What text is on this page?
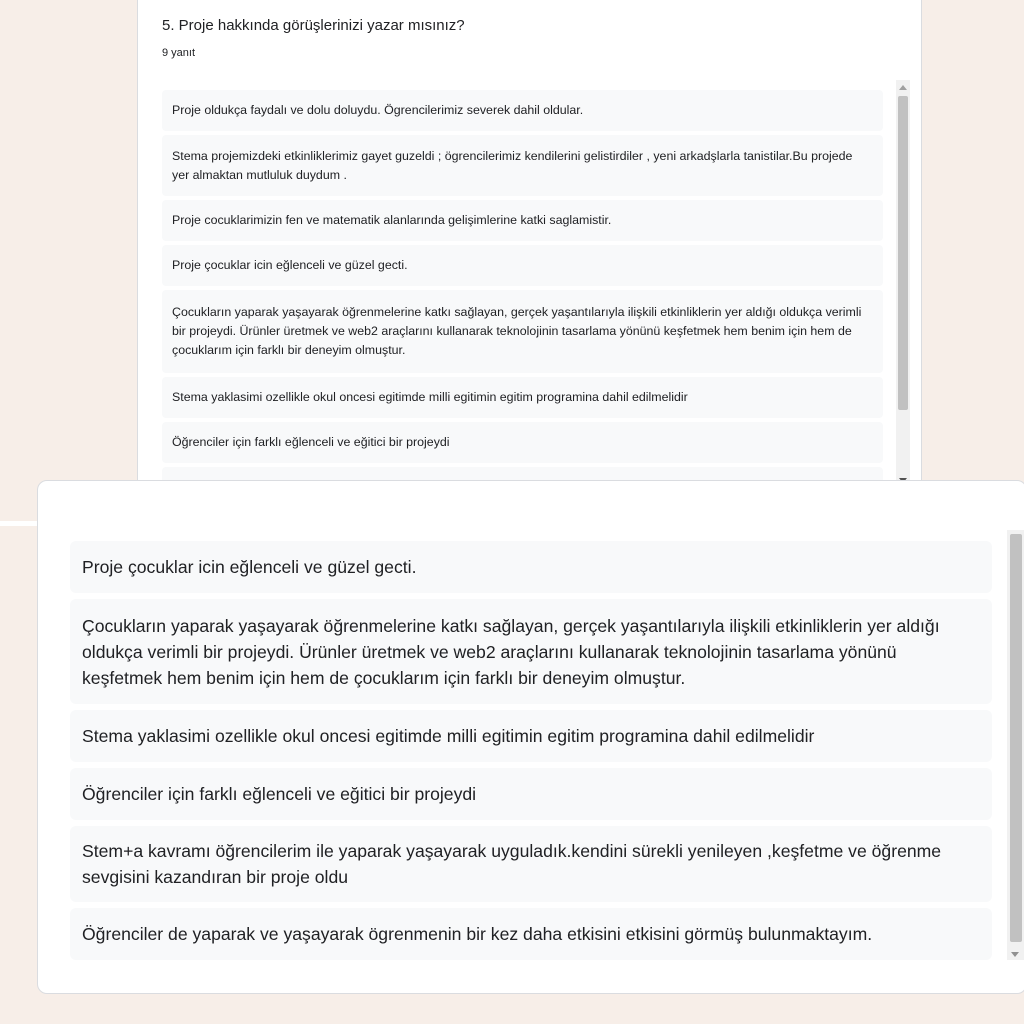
5. Proje hakkında görüşlerinizi yazar mısınız?
9 yanıt
Proje oldukça faydalı ve dolu doluydu. Ögrencilerimiz severek dahil oldular.
Stema projemizdeki etkinliklerimiz gayet guzeldi ; ögrencilerimiz kendilerini gelistirdiler , yeni arkadşlarla tanistilar.Bu projede yer almaktan mutluluk duydum .
Proje cocuklarimizin fen ve matematik alanlarında gelişimlerine katki saglamistir.
Proje çocuklar icin eğlenceli ve güzel gecti.
Çocukların yaparak yaşayarak öğrenmelerine katkı sağlayan, gerçek yaşantılarıyla ilişkili etkinliklerin yer aldığı oldukça verimli bir projeydi. Ürünler üretmek ve web2 araçlarını kullanarak teknolojinin tasarlama yönünü keşfetmek hem benim için hem de çocuklarım için farklı bir deneyim olmuştur.
Stema yaklasimi ozellikle okul oncesi egitimde milli egitimin egitim programina dahil edilmelidir
Öğrenciler için farklı eğlenceli ve eğitici bir projeydi
Proje çocuklar icin eğlenceli ve güzel gecti.
Çocukların yaparak yaşayarak öğrenmelerine katkı sağlayan, gerçek yaşantılarıyla ilişkili etkinliklerin yer aldığı oldukça verimli bir projeydi. Ürünler üretmek ve web2 araçlarını kullanarak teknolojinin tasarlama yönünü keşfetmek hem benim için hem de çocuklarım için farklı bir deneyim olmuştur.
Stema yaklasimi ozellikle okul oncesi egitimde milli egitimin egitim programina dahil edilmelidir
Öğrenciler için farklı eğlenceli ve eğitici bir projeydi
Stem+a kavramı öğrencilerim ile yaparak yaşayarak uyguladık.kendini sürekli yenileyen ,keşfetme ve öğrenme sevgisini kazandıran bir proje oldu
Öğrenciler de yaparak ve yaşayarak ögrenmenin bir kez daha etkisini etkisini görmüş bulunmaktayım.
